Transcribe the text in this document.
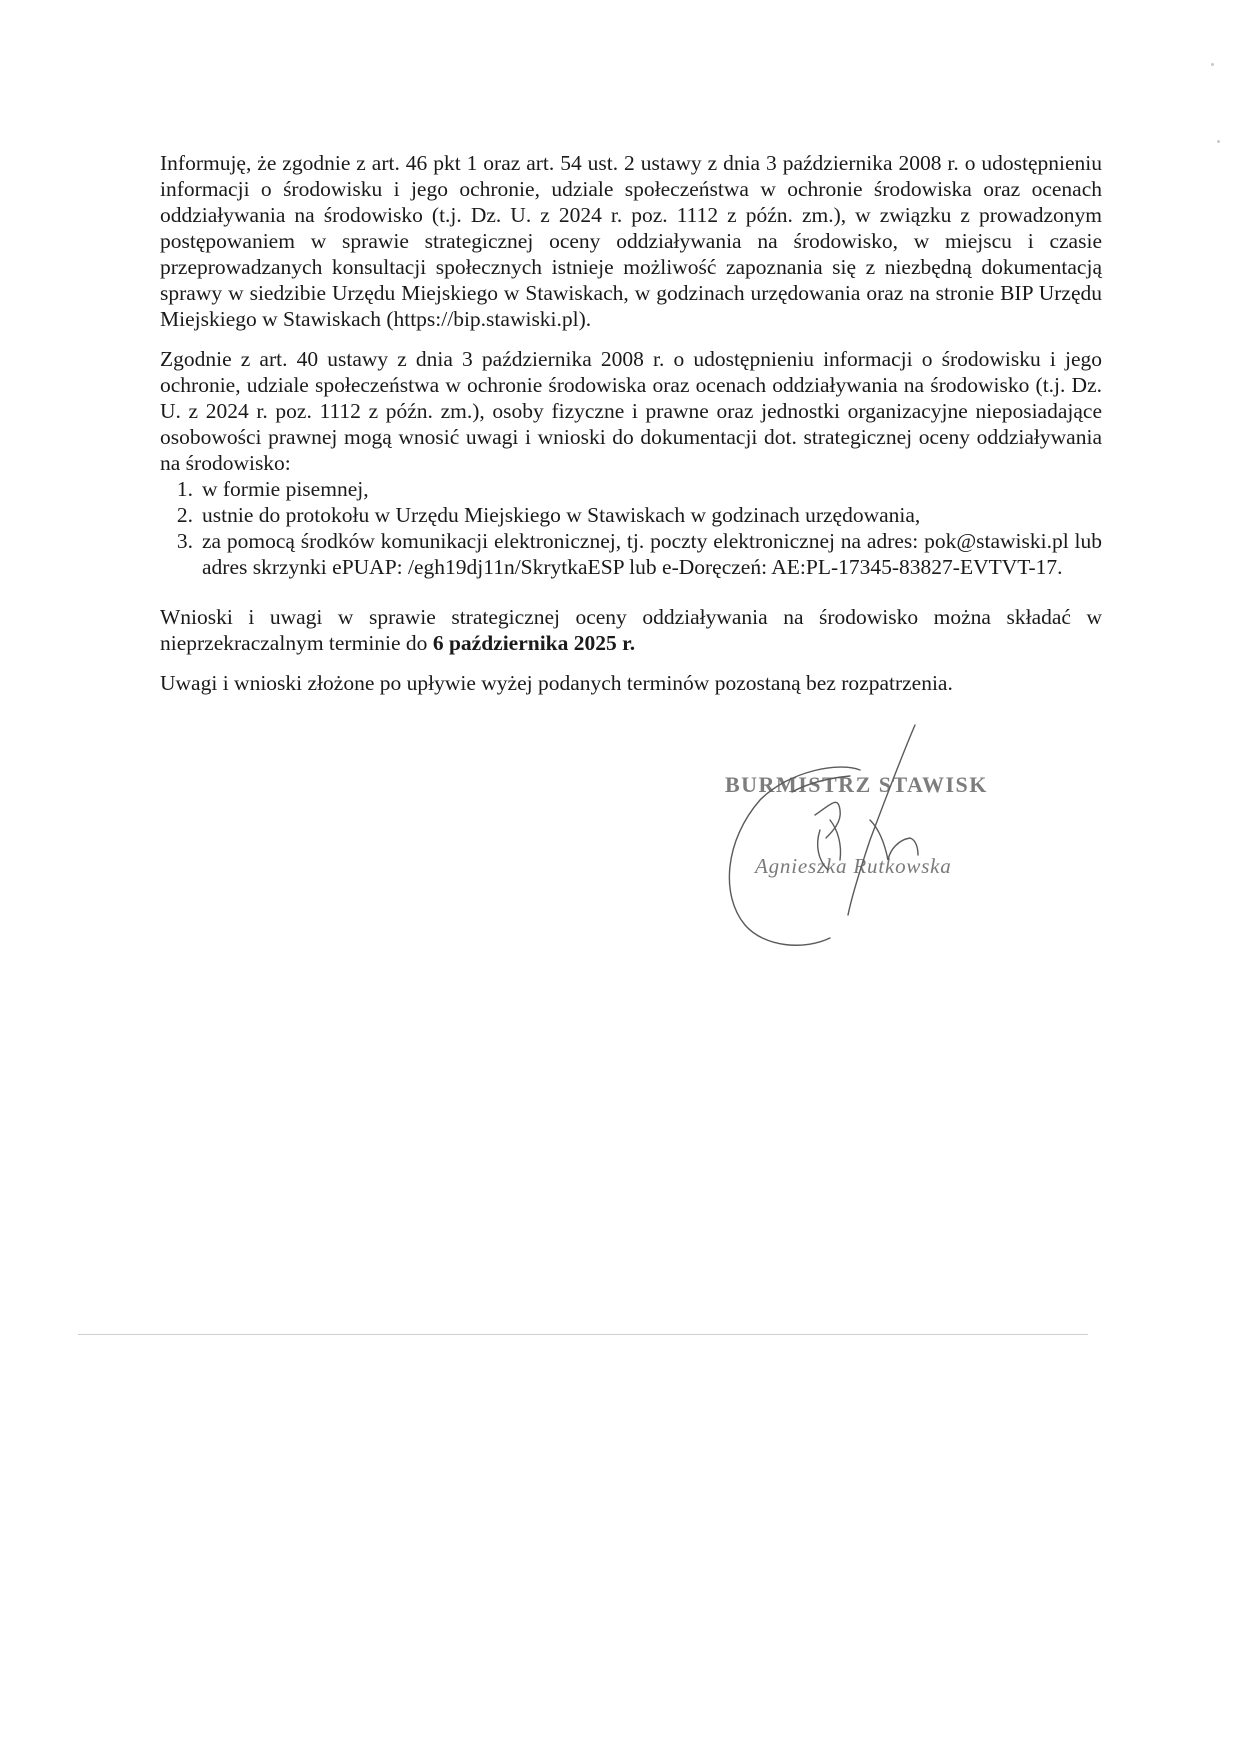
Informuję, że zgodnie z art. 46 pkt 1 oraz art. 54 ust. 2 ustawy z dnia 3 października 2008 r. o udostępnieniu informacji o środowisku i jego ochronie, udziale społeczeństwa w ochronie środowiska oraz ocenach oddziaływania na środowisko (t.j. Dz. U. z 2024 r. poz. 1112 z późn. zm.), w związku z prowadzonym postępowaniem w sprawie strategicznej oceny oddziaływania na środowisko, w miejscu i czasie przeprowadzanych konsultacji społecznych istnieje możliwość zapoznania się z niezbędną dokumentacją sprawy w siedzibie Urzędu Miejskiego w Stawiskach, w godzinach urzędowania oraz na stronie BIP Urzędu Miejskiego w Stawiskach (https://bip.stawiski.pl).

Zgodnie z art. 40 ustawy z dnia 3 października 2008 r. o udostępnieniu informacji o środowisku i jego ochronie, udziale społeczeństwa w ochronie środowiska oraz ocenach oddziaływania na środowisko (t.j. Dz. U. z 2024 r. poz. 1112 z późn. zm.), osoby fizyczne i prawne oraz jednostki organizacyjne nieposiadające osobowości prawnej mogą wnosić uwagi i wnioski do dokumentacji dot. strategicznej oceny oddziaływania na środowisko:

1. w formie pisemnej,
2. ustnie do protokołu w Urzędu Miejskiego w Stawiskach w godzinach urzędowania,
3. za pomocą środków komunikacji elektronicznej, tj. poczty elektronicznej na adres: pok@stawiski.pl lub adres skrzynki ePUAP: /egh19dj11n/SkrytkaESP lub e-Doręczeń: AE:PL-17345-83827-EVTVT-17.

Wnioski i uwagi w sprawie strategicznej oceny oddziaływania na środowisko można składać w nieprzekraczalnym terminie do 6 października 2025 r.

Uwagi i wnioski złożone po upływie wyżej podanych terminów pozostaną bez rozpatrzenia.

BURMISTRZ STAWISK
Agnieszka Rutkowska
